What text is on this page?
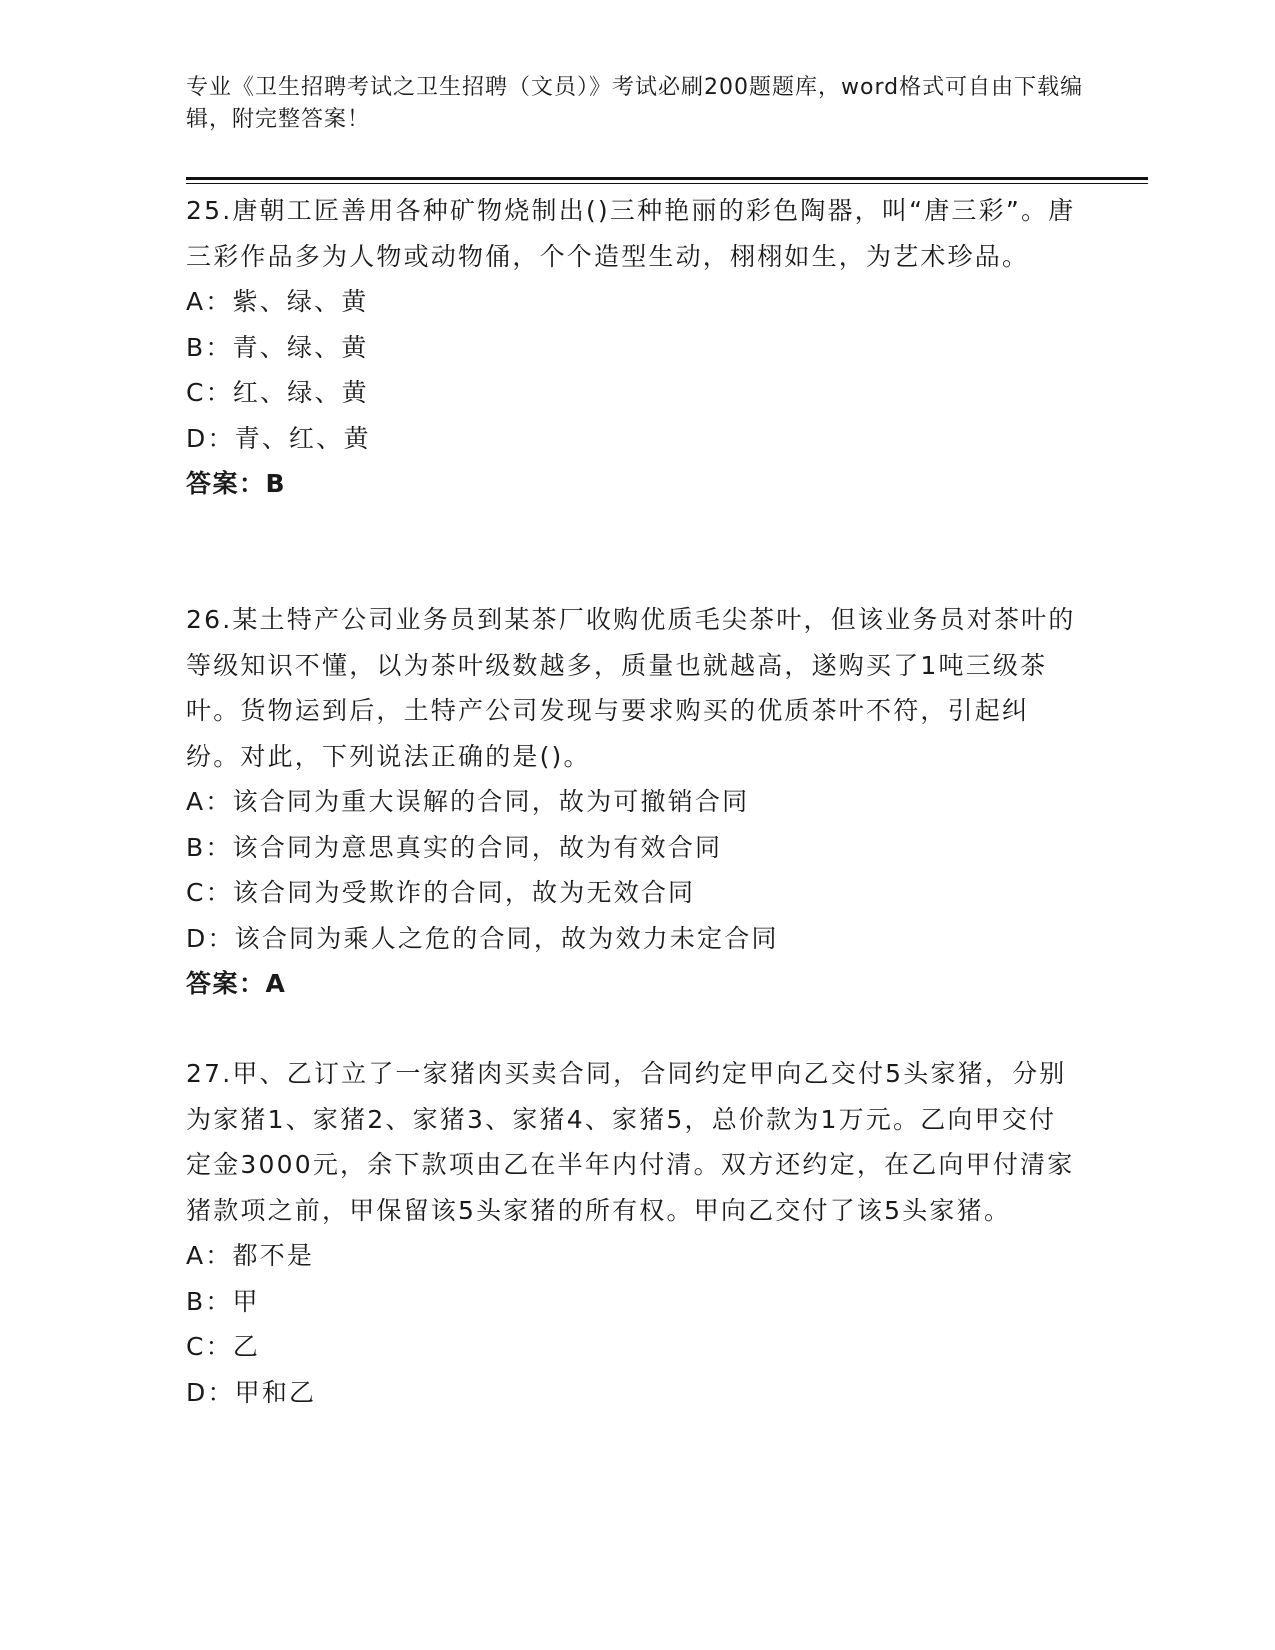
专业《卫生招聘考试之卫生招聘（文员）》考试必刷200题题库，word格式可自由下载编辑，附完整答案！

25.唐朝工匠善用各种矿物烧制出()三种艳丽的彩色陶器，叫“唐三彩”。唐三彩作品多为人物或动物俑，个个造型生动，栩栩如生，为艺术珍品。

A：紫、绿、黄

B：青、绿、黄

C：红、绿、黄

D：青、红、黄

答案：B

26.某土特产公司业务员到某茶厂收购优质毛尖茶叶，但该业务员对茶叶的等级知识不懂，以为茶叶级数越多，质量也就越高，遂购买了1吨三级茶叶。货物运到后，土特产公司发现与要求购买的优质茶叶不符，引起纠纷。对此，下列说法正确的是()。

A：该合同为重大误解的合同，故为可撤销合同

B：该合同为意思真实的合同，故为有效合同

C：该合同为受欺诈的合同，故为无效合同

D：该合同为乘人之危的合同，故为效力未定合同

答案：A

27.甲、乙订立了一家猪肉买卖合同，合同约定甲向乙交付5头家猪，分别为家猪1、家猪2、家猪3、家猪4、家猪5，总价款为1万元。乙向甲交付定金3000元，余下款项由乙在半年内付清。双方还约定，在乙向甲付清家猪款项之前，甲保留该5头家猪的所有权。甲向乙交付了该5头家猪。

A：都不是

B：甲

C：乙

D：甲和乙
